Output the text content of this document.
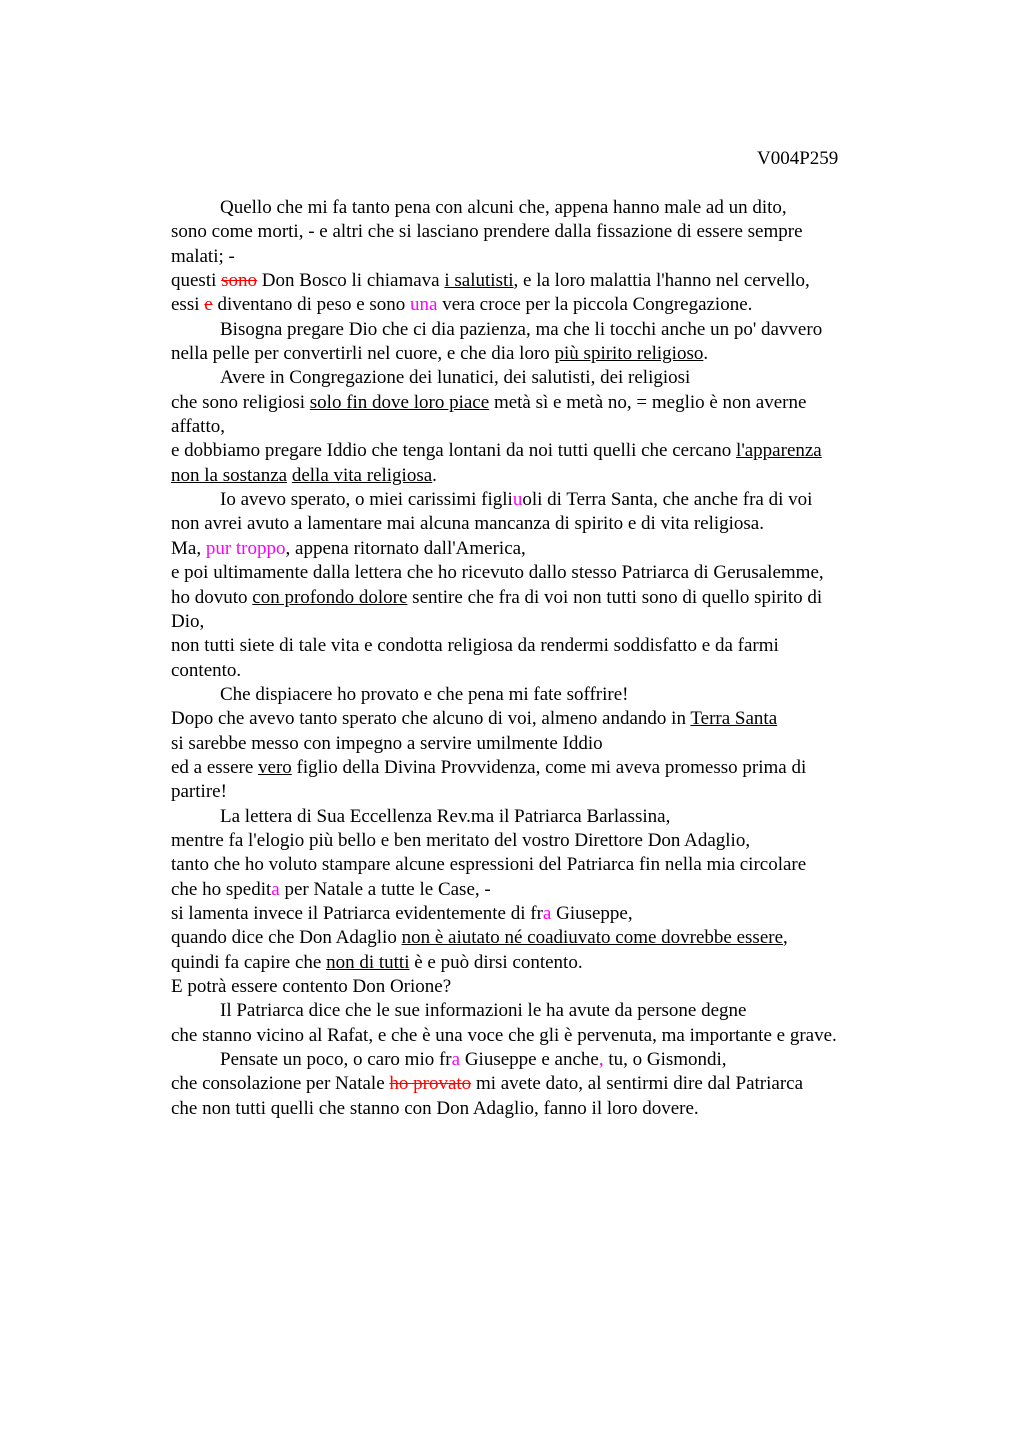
V004P259
Quello che mi fa tanto pena con alcuni che, appena hanno male ad un dito,
sono come morti, - e altri che si lasciano prendere dalla fissazione di essere sempre
malati; -
questi sono Don Bosco li chiamava i salutisti, e la loro malattia l'hanno nel cervello,
essi e diventano di peso e sono una vera croce per la piccola Congregazione.
Bisogna pregare Dio che ci dia pazienza, ma che li tocchi anche un po' davvero
nella pelle per convertirli nel cuore, e che dia loro più spirito religioso.
Avere in Congregazione dei lunatici, dei salutisti, dei religiosi
che sono religiosi solo fin dove loro piace metà sì e metà no, = meglio è non averne
affatto,
e dobbiamo pregare Iddio che tenga lontani da noi tutti quelli che cercano l'apparenza
non la sostanza della vita religiosa.
Io avevo sperato, o miei carissimi figliuoli di Terra Santa, che anche fra di voi
non avrei avuto a lamentare mai alcuna mancanza di spirito e di vita religiosa.
Ma, pur troppo, appena ritornato dall'America,
e poi ultimamente dalla lettera che ho ricevuto dallo stesso Patriarca di Gerusalemme,
ho dovuto con profondo dolore sentire che fra di voi non tutti sono di quello spirito di
Dio,
non tutti siete di tale vita e condotta religiosa da rendermi soddisfatto e da farmi
contento.
Che dispiacere ho provato e che pena mi fate soffrire!
Dopo che avevo tanto sperato che alcuno di voi, almeno andando in Terra Santa
si sarebbe messo con impegno a servire umilmente Iddio
ed a essere vero figlio della Divina Provvidenza, come mi aveva promesso prima di
partire!
La lettera di Sua Eccellenza Rev.ma il Patriarca Barlassina,
mentre fa l'elogio più bello e ben meritato del vostro Direttore Don Adaglio,
tanto che ho voluto stampare alcune espressioni del Patriarca fin nella mia circolare
che ho spedita per Natale a tutte le Case, -
si lamenta invece il Patriarca evidentemente di fra Giuseppe,
quando dice che Don Adaglio non è aiutato né coadiuvato come dovrebbe essere,
quindi fa capire che non di tutti è e può dirsi contento.
E potrà essere contento Don Orione?
Il Patriarca dice che le sue informazioni le ha avute da persone degne
che stanno vicino al Rafat, e che è una voce che gli è pervenuta, ma importante e grave.
Pensate un poco, o caro mio fra Giuseppe e anche, tu, o Gismondi,
che consolazione per Natale ho provato mi avete dato, al sentirmi dire dal Patriarca
che non tutti quelli che stanno con Don Adaglio, fanno il loro dovere.
